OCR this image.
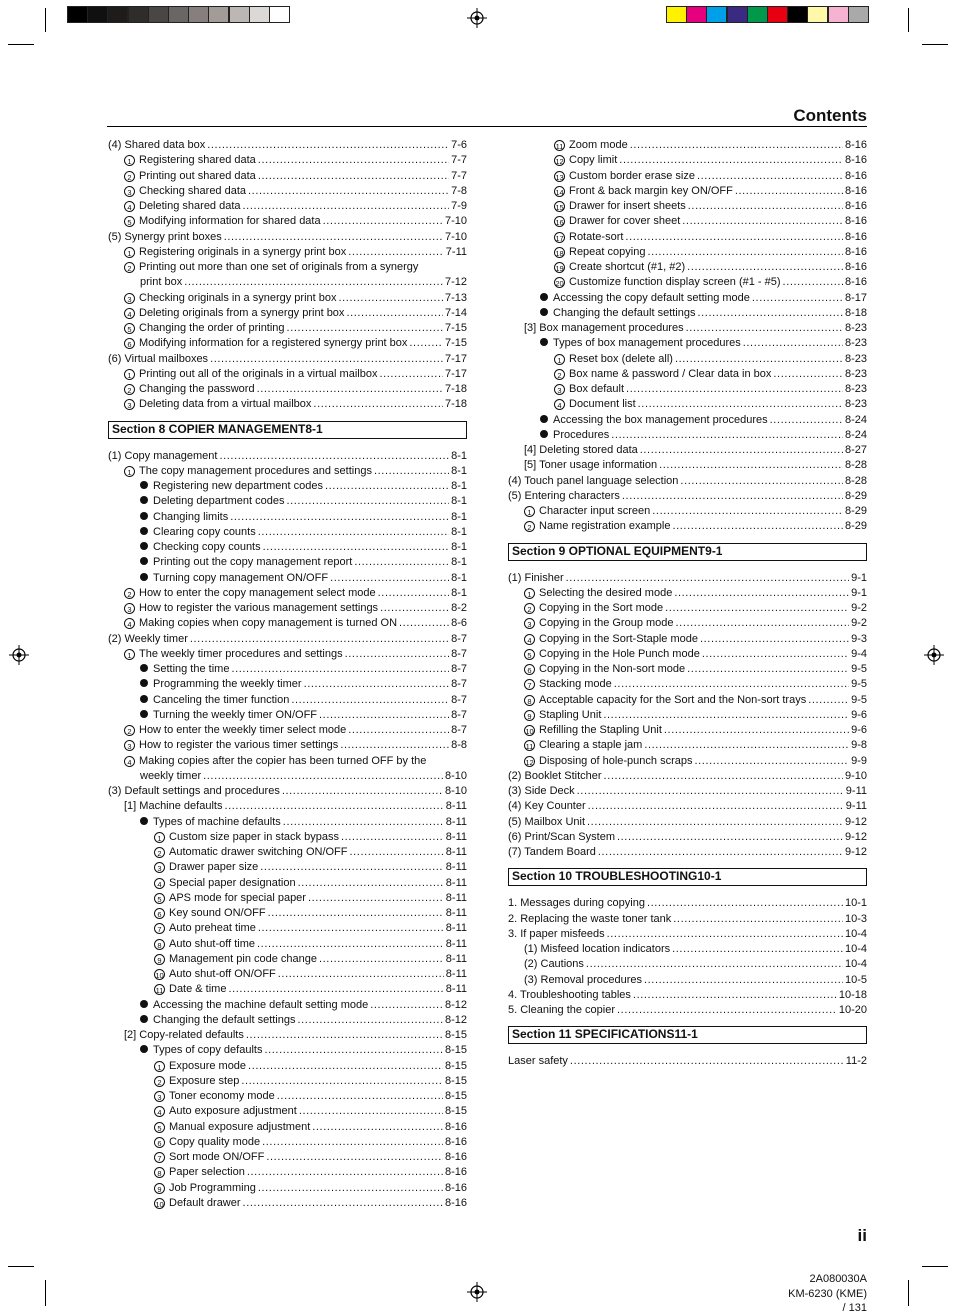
Contents
(4) Shared data box .....	7-6
1 Registering shared data .....	7-7
2 Printing out shared data .....	7-7
3 Checking shared data .....	7-8
4 Deleting shared data .....	7-9
5 Modifying information for shared data .....	7-10
(5) Synergy print boxes .....	7-10
1 Registering originals in a synergy print box .....	7-11
2 Printing out more than one set of originals from a synergy
print box .....	7-12
3 Checking originals in a synergy print box .....	7-13
4 Deleting originals from a synergy print box .....	7-14
5 Changing the order of printing .....	7-15
6 Modifying information for a registered synergy print box .....	7-15
(6) Virtual mailboxes .....	7-17
1 Printing out all of the originals in a virtual mailbox .....	7-17
2 Changing the password .....	7-18
3 Deleting data from a virtual mailbox .....	7-18
Section 8 COPIER MANAGEMENT 8-1
(1) Copy management .....	8-1
1 The copy management procedures and settings .....	8-1
Registering new department codes .....	8-1
Deleting department codes .....	8-1
Changing limits .....	8-1
Clearing copy counts .....	8-1
Checking copy counts .....	8-1
Printing out the copy management report .....	8-1
Turning copy management ON/OFF .....	8-1
2 How to enter the copy management select mode .....	8-1
3 How to register the various management settings .....	8-2
4 Making copies when copy management is turned ON .....	8-6
(2) Weekly timer .....	8-7
1 The weekly timer procedures and settings .....	8-7
Setting the time .....	8-7
Programming the weekly timer .....	8-7
Canceling the timer function .....	8-7
Turning the weekly timer ON/OFF .....	8-7
2 How to enter the weekly timer select mode .....	8-7
3 How to register the various timer settings .....	8-8
4 Making copies after the copier has been turned OFF by the
weekly timer .....	8-10
(3) Default settings and procedures .....	8-10
[1] Machine defaults .....	8-11
Types of machine defaults .....	8-11
1 Custom size paper in stack bypass .....	8-11
2 Automatic drawer switching ON/OFF .....	8-11
3 Drawer paper size .....	8-11
4 Special paper designation .....	8-11
5 APS mode for special paper .....	8-11
6 Key sound ON/OFF .....	8-11
7 Auto preheat time .....	8-11
8 Auto shut-off time .....	8-11
9 Management pin code change .....	8-11
10 Auto shut-off ON/OFF .....	8-11
11 Date & time .....	8-11
Accessing the machine default setting mode .....	8-12
Changing the default settings .....	8-12
[2] Copy-related defaults .....	8-15
Types of copy defaults .....	8-15
1 Exposure mode .....	8-15
2 Exposure step .....	8-15
3 Toner economy mode .....	8-15
4 Auto exposure adjustment .....	8-15
5 Manual exposure adjustment .....	8-16
6 Copy quality mode .....	8-16
7 Sort mode ON/OFF .....	8-16
8 Paper selection .....	8-16
9 Job Programming .....	8-16
10 Default drawer .....	8-16
11 Zoom mode .....	8-16
12 Copy limit .....	8-16
13 Custom border erase size .....	8-16
14 Front & back margin key ON/OFF .....	8-16
15 Drawer for insert sheets .....	8-16
16 Drawer for cover sheet .....	8-16
17 Rotate-sort .....	8-16
18 Repeat copying .....	8-16
19 Create shortcut (#1, #2) .....	8-16
20 Customize function display screen (#1 - #5) .....	8-16
Accessing the copy default setting mode .....	8-17
Changing the default settings .....	8-18
[3] Box management procedures .....	8-23
Types of box management procedures .....	8-23
1 Reset box (delete all) .....	8-23
2 Box name & password / Clear data in box .....	8-23
3 Box default .....	8-23
4 Document list .....	8-23
Accessing the box management procedures .....	8-24
Procedures .....	8-24
[4] Deleting stored data .....	8-27
[5] Toner usage information .....	8-28
(4) Touch panel language selection .....	8-28
(5) Entering characters .....	8-29
1 Character input screen .....	8-29
2 Name registration example .....	8-29
Section 9 OPTIONAL EQUIPMENT 9-1
(1) Finisher .....	9-1
1 Selecting the desired mode .....	9-1
2 Copying in the Sort mode .....	9-2
3 Copying in the Group mode .....	9-2
4 Copying in the Sort-Staple mode .....	9-3
5 Copying in the Hole Punch mode .....	9-4
6 Copying in the Non-sort mode .....	9-5
7 Stacking mode .....	9-5
8 Acceptable capacity for the Sort and the Non-sort trays .....	9-5
9 Stapling Unit .....	9-6
10 Refilling the Stapling Unit .....	9-6
11 Clearing a staple jam .....	9-8
12 Disposing of hole-punch scraps .....	9-9
(2) Booklet Stitcher .....	9-10
(3) Side Deck .....	9-11
(4) Key Counter .....	9-11
(5) Mailbox Unit .....	9-12
(6) Print/Scan System .....	9-12
(7) Tandem Board .....	9-12
Section 10 TROUBLESHOOTING 10-1
1. Messages during copying .....	10-1
2. Replacing the waste toner tank .....	10-3
3. If paper misfeeds .....	10-4
(1) Misfeed location indicators .....	10-4
(2) Cautions .....	10-4
(3) Removal procedures .....	10-5
4. Troubleshooting tables .....	10-18
5. Cleaning the copier .....	10-20
Section 11 SPECIFICATIONS 11-1
Laser safety .....	11-2
ii
2A080030A
KM-6230 (KME)
/ 131
